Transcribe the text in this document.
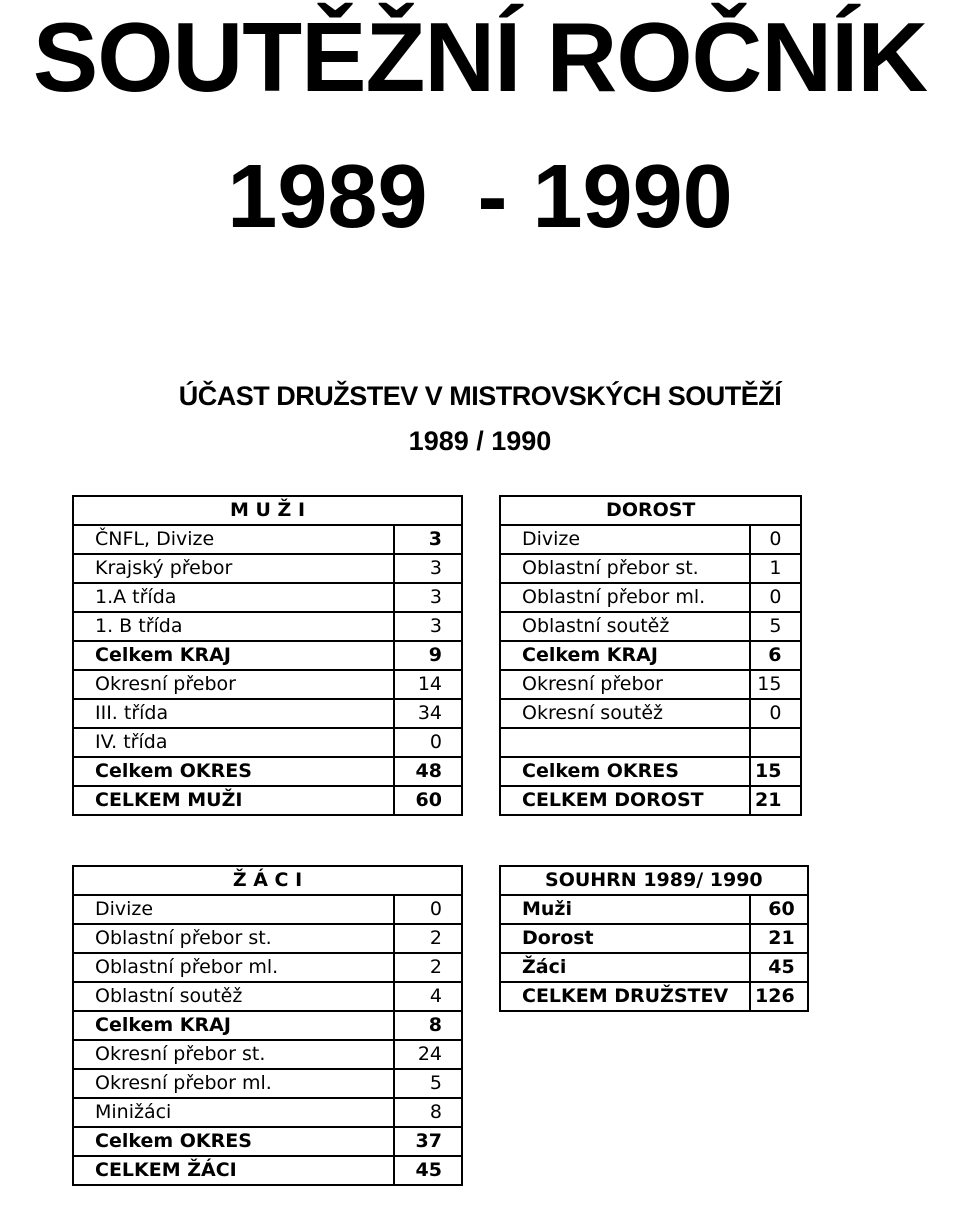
SOUTĚŽNÍ ROČNÍK
1989  - 1990
ÚČAST DRUŽSTEV V MISTROVSKÝCH SOUTĚŽÍ
1989 / 1990
M U Ž I	
ČNFL, Divize	3
Krajský přebor	3
1.A třída	3
1. B třída	3
Celkem KRAJ	9
Okresní přebor	14
III. třída	34
IV. třída	0
Celkem OKRES	48
CELKEM MUŽI	60
DOROST	
Divize	0
Oblastní přebor st.	1
Oblastní přebor ml.	0
Oblastní soutěž	5
Celkem KRAJ	6
Okresní přebor	15
Okresní soutěž	0

Celkem OKRES	15
CELKEM DOROST	21
Ž Á C I	
Divize	0
Oblastní přebor st.	2
Oblastní přebor ml.	2
Oblastní soutěž	4
Celkem KRAJ	8
Okresní přebor st.	24
Okresní přebor ml.	5
Minižáci	8
Celkem OKRES	37
CELKEM ŽÁCI	45
SOUHRN 1989/ 1990	
Muži	60
Dorost	21
Žáci	45
CELKEM DRUŽSTEV	126
